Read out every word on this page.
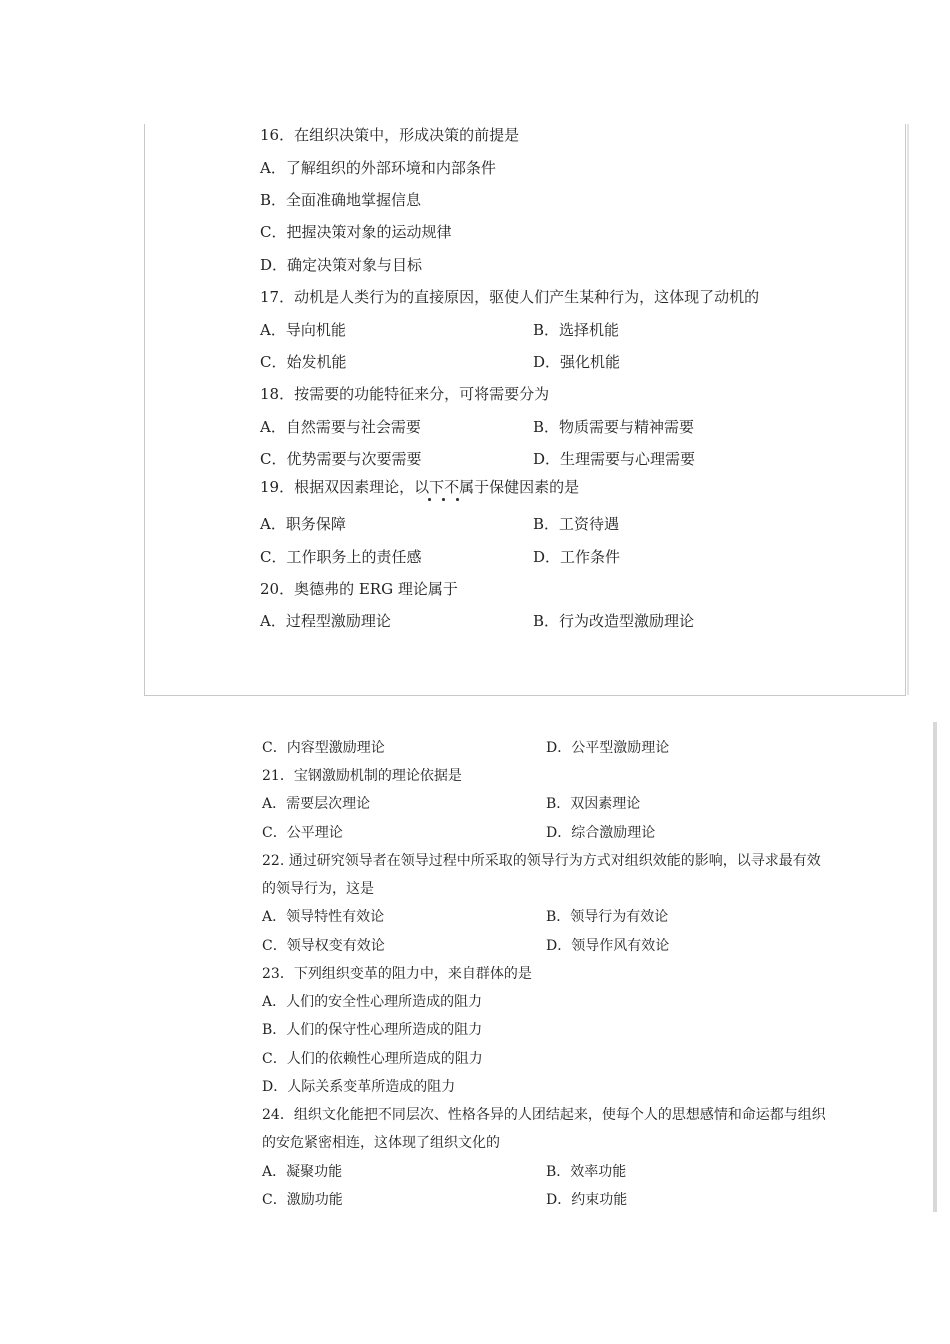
16．在组织决策中，形成决策的前提是
A．了解组织的外部环境和内部条件
B．全面准确地掌握信息
C．把握决策对象的运动规律
D．确定决策对象与目标
17．动机是人类行为的直接原因，驱使人们产生某种行为，这体现了动机的
A．导向机能	B．选择机能
C．始发机能	D．强化机能
18．按需要的功能特征来分，可将需要分为
A．自然需要与社会需要	B．物质需要与精神需要
C．优势需要与次要需要	D．生理需要与心理需要
19．根据双因素理论，以下不属于保健因素的是
A．职务保障	B．工资待遇
C．工作职务上的责任感	D．工作条件
20．奥德弗的 ERG 理论属于
A．过程型激励理论	B．行为改造型激励理论
C．内容型激励理论	D．公平型激励理论
21．宝钢激励机制的理论依据是
A．需要层次理论	B．双因素理论
C．公平理论	D．综合激励理论
22. 通过研究领导者在领导过程中所采取的领导行为方式对组织效能的影响，以寻求最有效
的领导行为，这是
A．领导特性有效论	B．领导行为有效论
C．领导权变有效论	D．领导作风有效论
23．下列组织变革的阻力中，来自群体的是
A．人们的安全性心理所造成的阻力
B．人们的保守性心理所造成的阻力
C．人们的依赖性心理所造成的阻力
D．人际关系变革所造成的阻力
24．组织文化能把不同层次、性格各异的人团结起来，使每个人的思想感情和命运都与组织
的安危紧密相连，这体现了组织文化的
A．凝聚功能	B．效率功能
C．激励功能	D．约束功能
